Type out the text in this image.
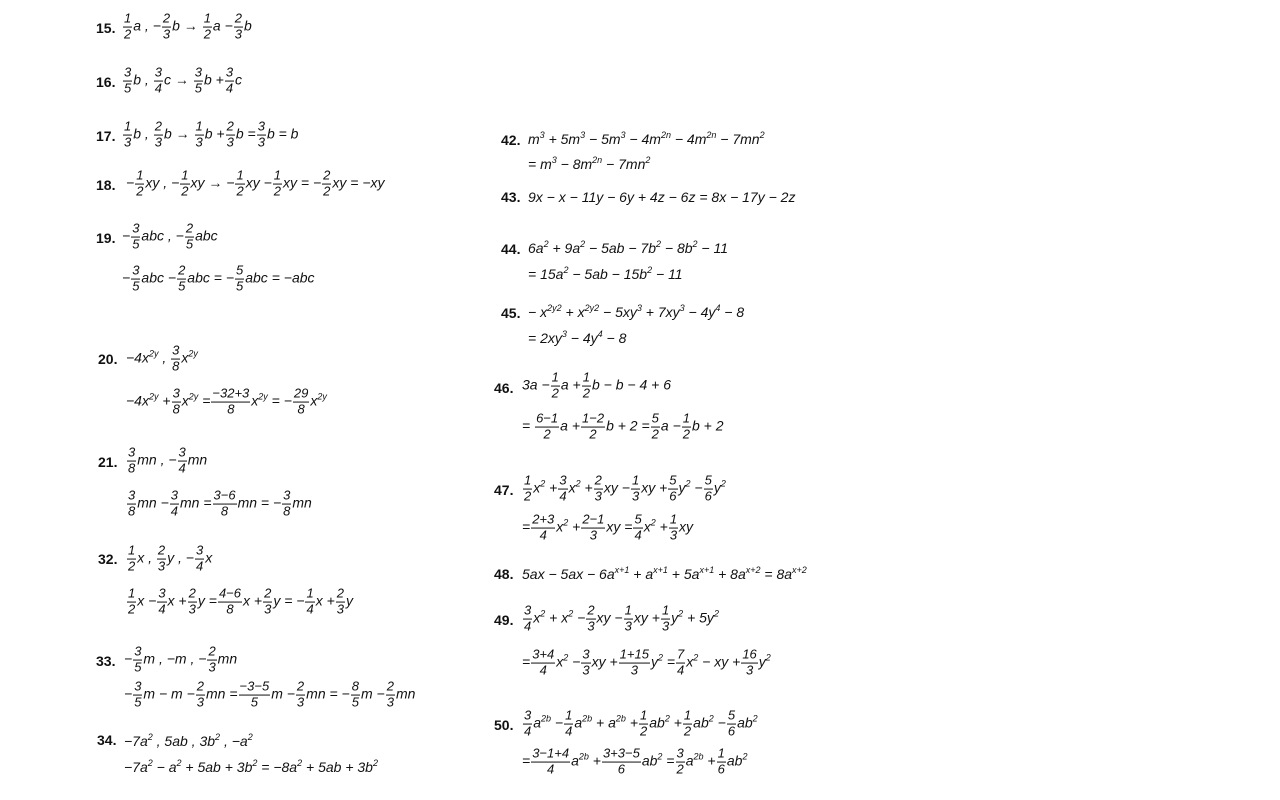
15. $\frac{1}{2}$ a , − $\frac{2}{3}$ $b \to \frac{1}{2}$ $a - \frac{2}{3}$ b
16. $\frac{3}{5}$ b , $\frac{3}{4}$ $c \to \frac{3}{5}$ $b + \frac{3}{4}$ c
17. $\frac{1}{3}$ b , $\frac{2}{3}$ $b \to \frac{1}{3}$ $b + \frac{2}{3}$ $b = \frac{3}{3}$ b = b
18. − $\frac{1}{2}$ xy , − $\frac{1}{2}$ xy → − $\frac{1}{2}$ xy − $\frac{1}{2}$ xy = − $\frac{2}{2}$ xy = −xy
19. − $\frac{3}{5}$ abc , − $\frac{2}{5}$ abc
− $\frac{3}{5}$ abc − $\frac{2}{5}$ abc = − $\frac{5}{5}$ abc = −abc
20. $-4x^{2y}$ , $\frac{3}{8} x^{2y}$
$-4x^{2y} + \frac{3}{8} x^{2y} = \frac{-32+3}{8} x^{2y}$ = − $\frac{29}{8} x^{2y}$
21. $\frac{3}{8}$ mn , − $\frac{3}{4}$ mn
$\frac{3}{8}$ mn − $\frac{3}{4}$ mn = $\frac{3-6}{8}$ mn = − $\frac{3}{8}$ mn
32. $\frac{1}{2}$ x , $\frac{2}{3}$ y , − $\frac{3}{4}$ x
$\frac{1}{2}$ $x - \frac{3}{4}$ $x + \frac{2}{3}$ $y = \frac{4-6}{8}$ $x + \frac{2}{3}$ y = − $\frac{1}{4}$ $x + \frac{2}{3}$ y
33. − $\frac{3}{5}$ m , −m , − $\frac{2}{3}$ mn
− $\frac{3}{5}$ $m - m - \frac{2}{3}$ mn = $\frac{-3-5}{5}$ $m - \frac{2}{3}$ mn = − $\frac{8}{5}$ $m - \frac{2}{3}$ mn
34. $-7a^2$ , 5ab , $3b^2$ , $-a^2$
$-7a^2 - a^2 + 5ab + 3b^2 = -8a^2 + 5ab + 3b^2$
42. $m^3 + 5m^3 - 5m^3 - 4m^{2n} - 4m^{2n} - 7mn^2$
= $m^3 - 8m^{2n} - 7mn^2$
43. 9x − x − 11y − 6y + 4z − 6z = 8x − 17y − 2z
44. $6a^2 + 9a^2 - 5ab - 7b^2 - 8b^2 - 11$
= $15a^2 - 5ab - 15b^2 - 11$
45. − $x^{2y2} + x^{2y2} - 5xy^3 + 7xy^3 - 4y^4 - 8$
= $2xy^3 - 4y^4 - 8$
46. $3a - \frac{1}{2}$ $a + \frac{1}{2}$ b − b − 4 + 6
= $\frac{6-1}{2}$ $a + \frac{1-2}{2}$ $b + 2 = \frac{5}{2}$ $a - \frac{1}{2}$ b + 2
47. $\frac{1}{2} x^2 + \frac{3}{4} x^2 + \frac{2}{3}$ xy − $\frac{1}{3}$ xy + $\frac{5}{6} y^2 - \frac{5}{6} y^2$
= $\frac{2+3}{4} x^2 + \frac{2-1}{3}$ xy = $\frac{5}{4} x^2 + \frac{1}{3}$ xy
48. $5ax - 5ax - 6a^{x+1} + a^{x+1} + 5a^{x+1} + 8a^{x+2} = 8a^{x+2}$
49. $\frac{3}{4} x^2 + x^2 - \frac{2}{3}$ xy − $\frac{1}{3}$ xy + $\frac{1}{3} y^2 + 5y^2$
= $\frac{3+4}{4} x^2 - \frac{3}{3}$ xy + $\frac{1+15}{3} y^2 = \frac{7}{4} x^2$ − xy + $\frac{16}{3} y^2$
50. $\frac{3}{4} a^{2b} - \frac{1}{4} a^{2b} + a^{2b} + \frac{1}{2} ab^2 + \frac{1}{2} ab^2 - \frac{5}{6} ab^2$
= $\frac{3-1+4}{4} a^{2b} + \frac{3+3-5}{6} ab^2 = \frac{3}{2} a^{2b} + \frac{1}{6} ab^2$
